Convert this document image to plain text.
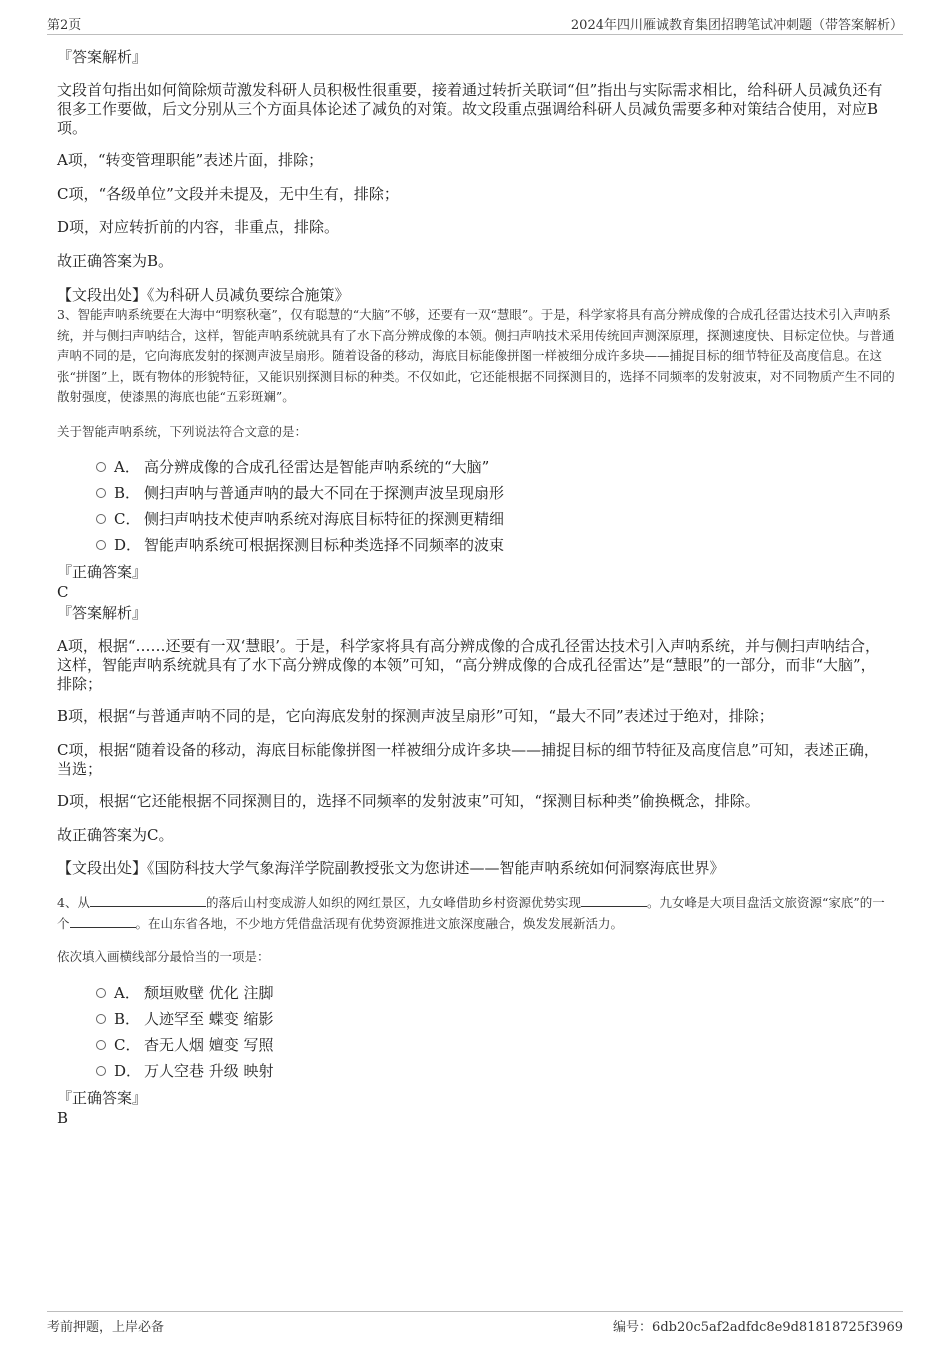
第2页	2024年四川雁诚教育集团招聘笔试冲刺题（带答案解析）

『答案解析』

文段首句指出如何简除烦苛激发科研人员积极性很重要，接着通过转折关联词“但”指出与实际需求相比，给科研人员减负还有很多工作要做，后文分别从三个方面具体论述了减负的对策。故文段重点强调给科研人员减负需要多种对策结合使用，对应B项。

A项，“转变管理职能”表述片面，排除；

C项，“各级单位”文段并未提及，无中生有，排除；

D项，对应转折前的内容，非重点，排除。

故正确答案为B。

【文段出处】《为科研人员减负要综合施策》

3、智能声呐系统要在大海中“明察秋毫”，仅有聪慧的“大脑”不够，还要有一双“慧眼”。于是，科学家将具有高分辨成像的合成孔径雷达技术引入声呐系统，并与侧扫声呐结合，这样，智能声呐系统就具有了水下高分辨成像的本领。侧扫声呐技术采用传统回声测深原理，探测速度快、目标定位快。与普通声呐不同的是，它向海底发射的探测声波呈扇形。随着设备的移动，海底目标能像拼图一样被细分成许多块——捕捉目标的细节特征及高度信息。在这张“拼图”上，既有物体的形貌特征，又能识别探测目标的种类。不仅如此，它还能根据不同探测目的，选择不同频率的发射波束，对不同物质产生不同的散射强度，使漆黑的海底也能“五彩斑斓”。

关于智能声呐系统，下列说法符合文意的是：

A． 高分辨成像的合成孔径雷达是智能声呐系统的“大脑”
B． 侧扫声呐与普通声呐的最大不同在于探测声波呈现扇形
C． 侧扫声呐技术使声呐系统对海底目标特征的探测更精细
D． 智能声呐系统可根据探测目标种类选择不同频率的波束

『正确答案』

C

『答案解析』

A项，根据“……还要有一双‘慧眼’。于是，科学家将具有高分辨成像的合成孔径雷达技术引入声呐系统，并与侧扫声呐结合，这样，智能声呐系统就具有了水下高分辨成像的本领”可知，“高分辨成像的合成孔径雷达”是“慧眼”的一部分，而非“大脑”，排除；

B项，根据“与普通声呐不同的是，它向海底发射的探测声波呈扇形”可知，“最大不同”表述过于绝对，排除；

C项，根据“随着设备的移动，海底目标能像拼图一样被细分成许多块——捕捉目标的细节特征及高度信息”可知，表述正确，当选；

D项，根据“它还能根据不同探测目的，选择不同频率的发射波束”可知，“探测目标种类”偷换概念，排除。

故正确答案为C。

【文段出处】《国防科技大学气象海洋学院副教授张文为您讲述——智能声呐系统如何洞察海底世界》

4、从	的落后山村变成游人如织的网红景区，九女峰借助乡村资源优势实现	。九女峰是大项目盘活文旅资源“家底”的一个	。在山东省各地，不少地方凭借盘活现有优势资源推进文旅深度融合，焕发发展新活力。

依次填入画横线部分最恰当的一项是：

A． 颓垣败壁 优化 注脚
B． 人迹罕至 蝶变 缩影
C． 杳无人烟 嬗变 写照
D． 万人空巷 升级 映射

『正确答案』

B

考前押题，上岸必备	编号：6db20c5af2adfdc8e9d81818725f3969
